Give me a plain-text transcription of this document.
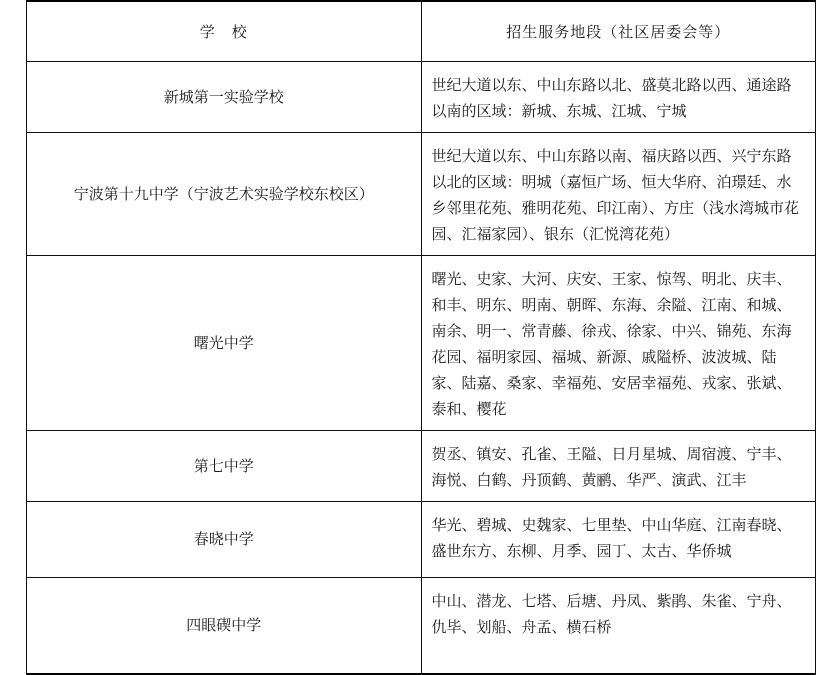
学　校	招生服务地段（社区居委会等）

新城第一实验学校	世纪大道以东、中山东路以北、盛莫北路以西、通途路以南的区域：新城、东城、江城、宁城

宁波第十九中学（宁波艺术实验学校东校区）	世纪大道以东、中山东路以南、福庆路以西、兴宁东路以北的区域：明城（嘉恒广场、恒大华府、泊璟廷、水乡邻里花苑、雅明花苑、印江南）、方庄（浅水湾城市花园、汇福家园）、银东（汇悦湾花苑）

曙光中学	曙光、史家、大河、庆安、王家、惊驾、明北、庆丰、和丰、明东、明南、朝晖、东海、余隘、江南、和城、南余、明一、常青藤、徐戎、徐家、中兴、锦苑、东海花园、福明家园、福城、新源、戚隘桥、波波城、陆家、陆嘉、桑家、幸福苑、安居幸福苑、戎家、张斌、泰和、樱花

第七中学	贺丞、镇安、孔雀、王隘、日月星城、周宿渡、宁丰、海悦、白鹤、丹顶鹤、黄鹂、华严、演武、江丰

春晓中学	华光、碧城、史魏家、七里垫、中山华庭、江南春晓、盛世东方、东柳、月季、园丁、太古、华侨城

四眼碶中学	中山、潜龙、七塔、后塘、丹凤、紫鹃、朱雀、宁舟、仇毕、划船、舟孟、横石桥
